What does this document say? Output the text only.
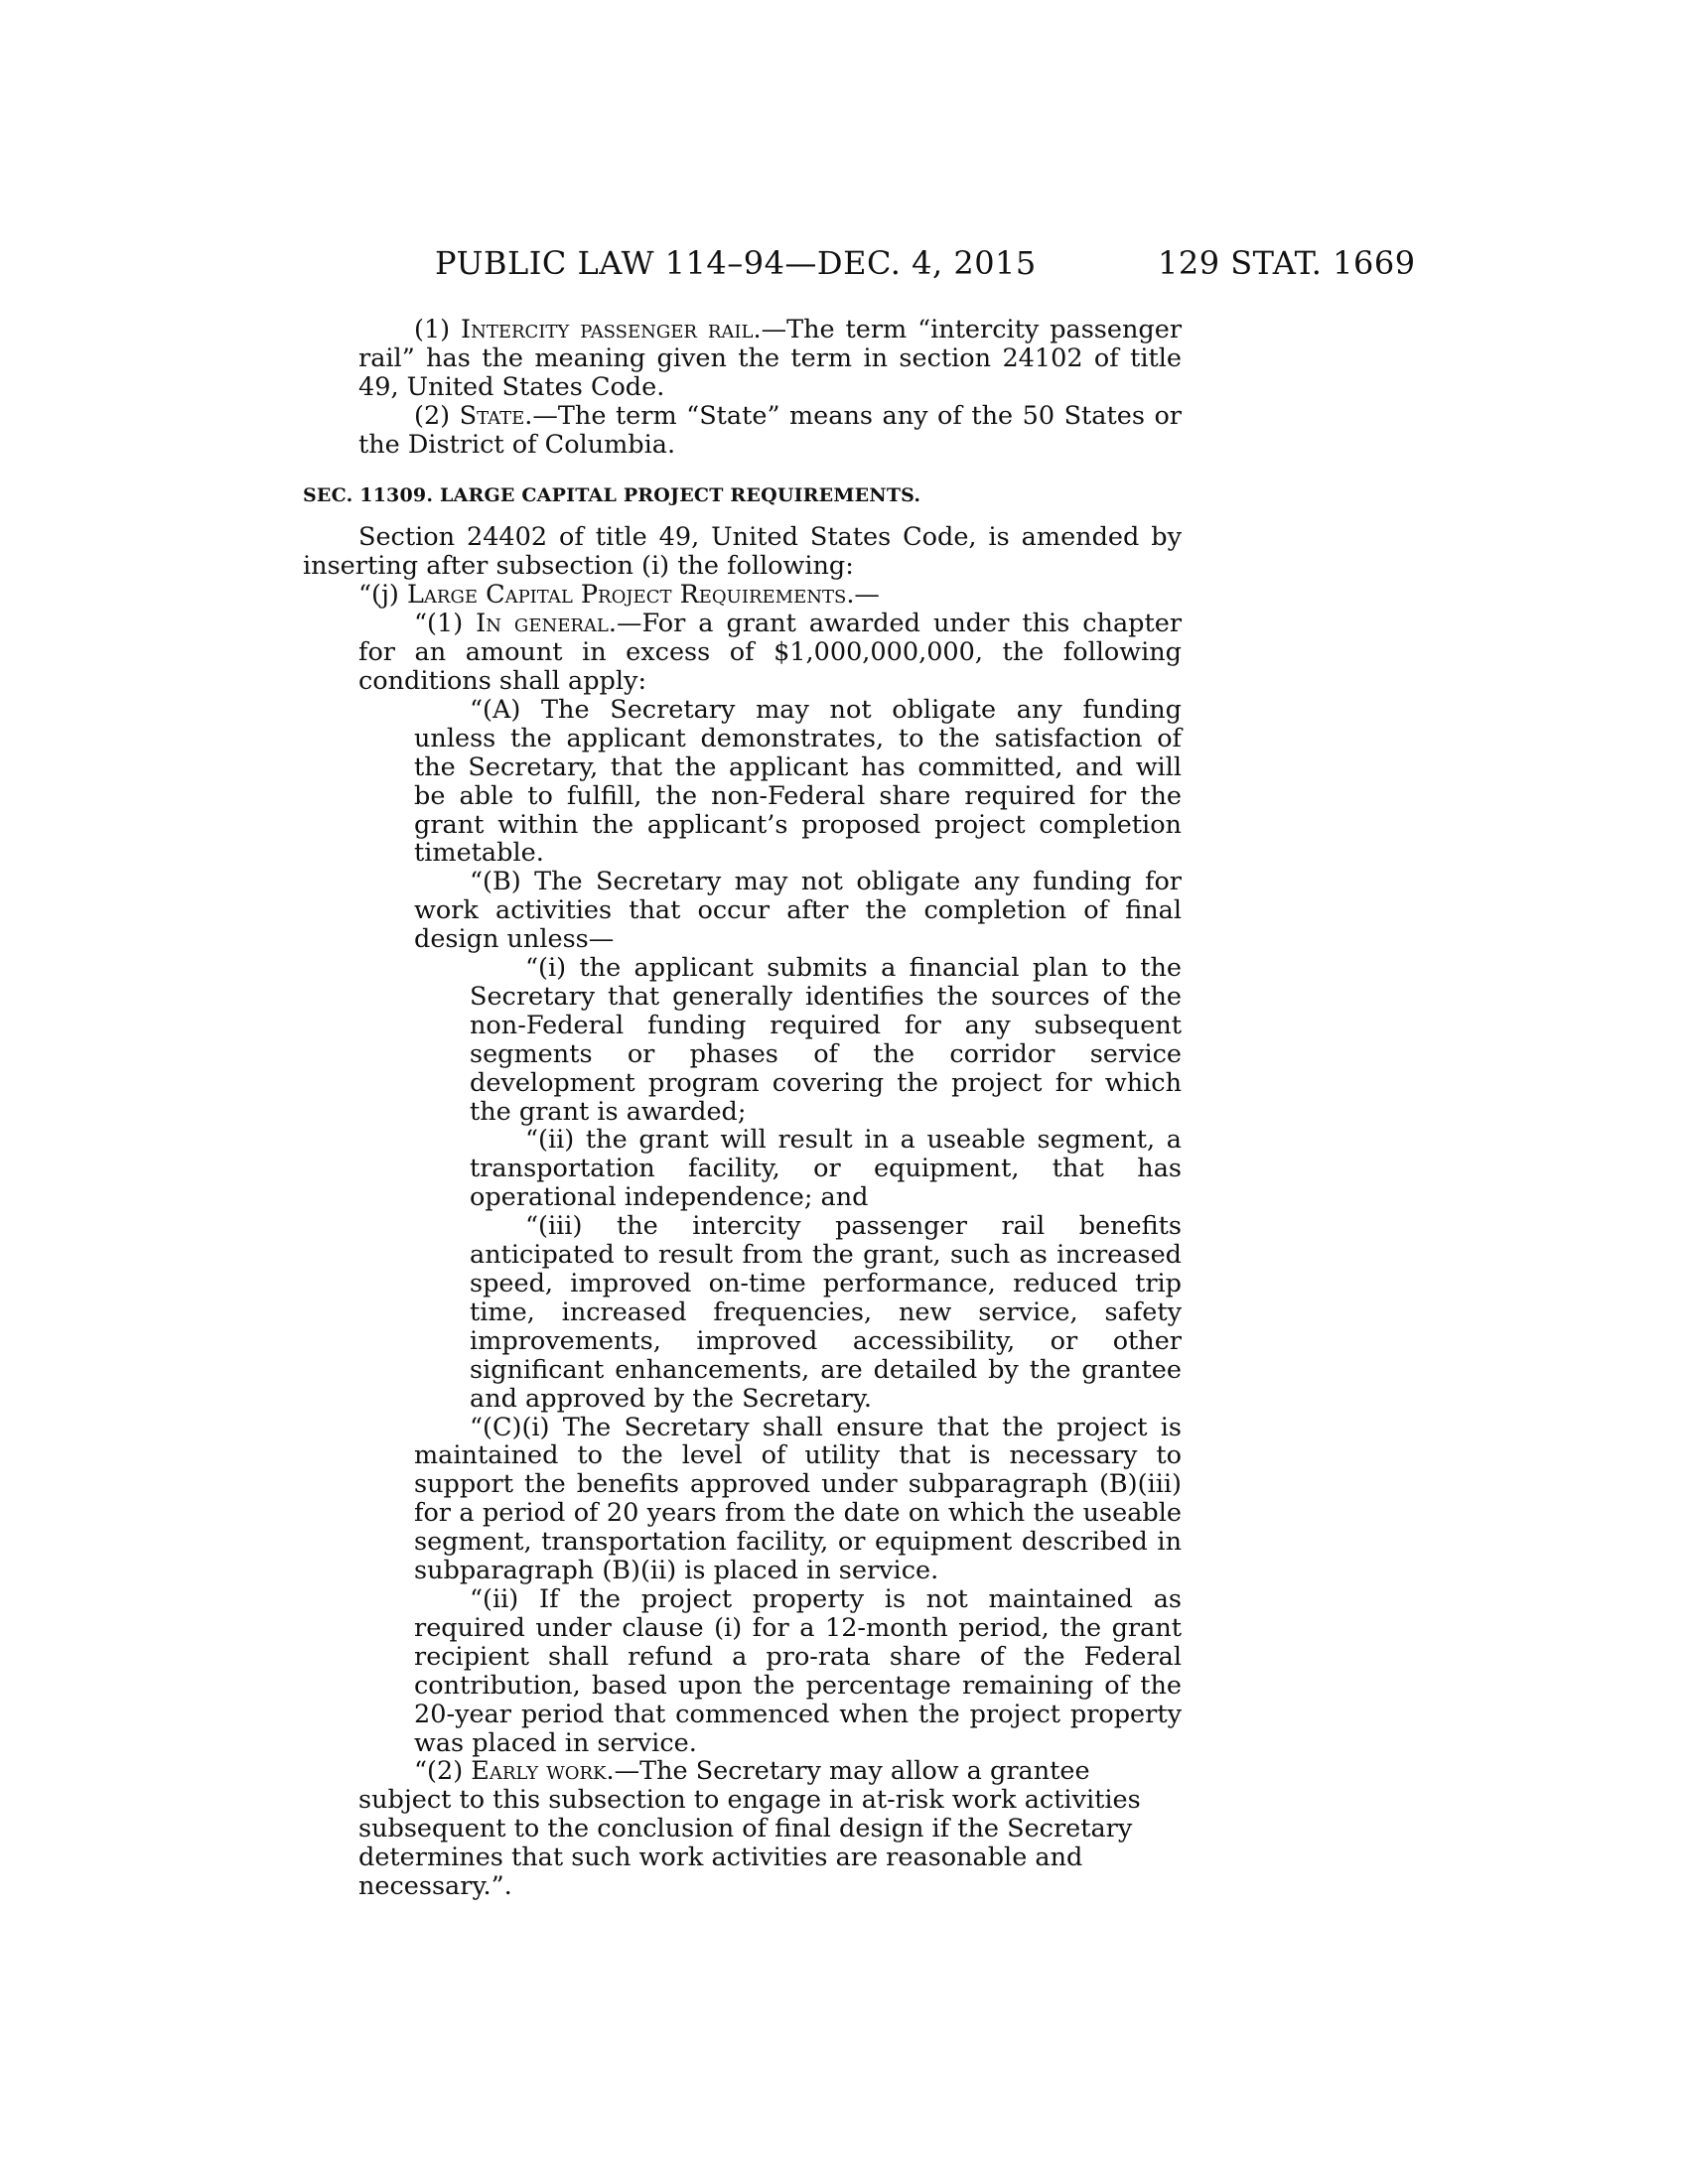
PUBLIC LAW 114–94—DEC. 4, 2015	129 STAT. 1669

(1) Intercity passenger rail.—The term “intercity passenger rail” has the meaning given the term in section 24102 of title 49, United States Code.

(2) State.—The term “State” means any of the 50 States or the District of Columbia.

SEC. 11309. LARGE CAPITAL PROJECT REQUIREMENTS.

Section 24402 of title 49, United States Code, is amended by inserting after subsection (i) the following:

“(j) Large Capital Project Requirements.—

“(1) In general.—For a grant awarded under this chapter for an amount in excess of $1,000,000,000, the following conditions shall apply:

“(A) The Secretary may not obligate any funding unless the applicant demonstrates, to the satisfaction of the Secretary, that the applicant has committed, and will be able to fulfill, the non-Federal share required for the grant within the applicant’s proposed project completion timetable.

“(B) The Secretary may not obligate any funding for work activities that occur after the completion of final design unless—

“(i) the applicant submits a financial plan to the Secretary that generally identifies the sources of the non-Federal funding required for any subsequent segments or phases of the corridor service development program covering the project for which the grant is awarded;

“(ii) the grant will result in a useable segment, a transportation facility, or equipment, that has operational independence; and

“(iii) the intercity passenger rail benefits anticipated to result from the grant, such as increased speed, improved on-time performance, reduced trip time, increased frequencies, new service, safety improvements, improved accessibility, or other significant enhancements, are detailed by the grantee and approved by the Secretary.

“(C)(i) The Secretary shall ensure that the project is maintained to the level of utility that is necessary to support the benefits approved under subparagraph (B)(iii) for a period of 20 years from the date on which the useable segment, transportation facility, or equipment described in subparagraph (B)(ii) is placed in service.

“(ii) If the project property is not maintained as required under clause (i) for a 12-month period, the grant recipient shall refund a pro-rata share of the Federal contribution, based upon the percentage remaining of the 20-year period that commenced when the project property was placed in service.

“(2) Early work.—The Secretary may allow a grantee subject to this subsection to engage in at-risk work activities subsequent to the conclusion of final design if the Secretary determines that such work activities are reasonable and necessary.”.
